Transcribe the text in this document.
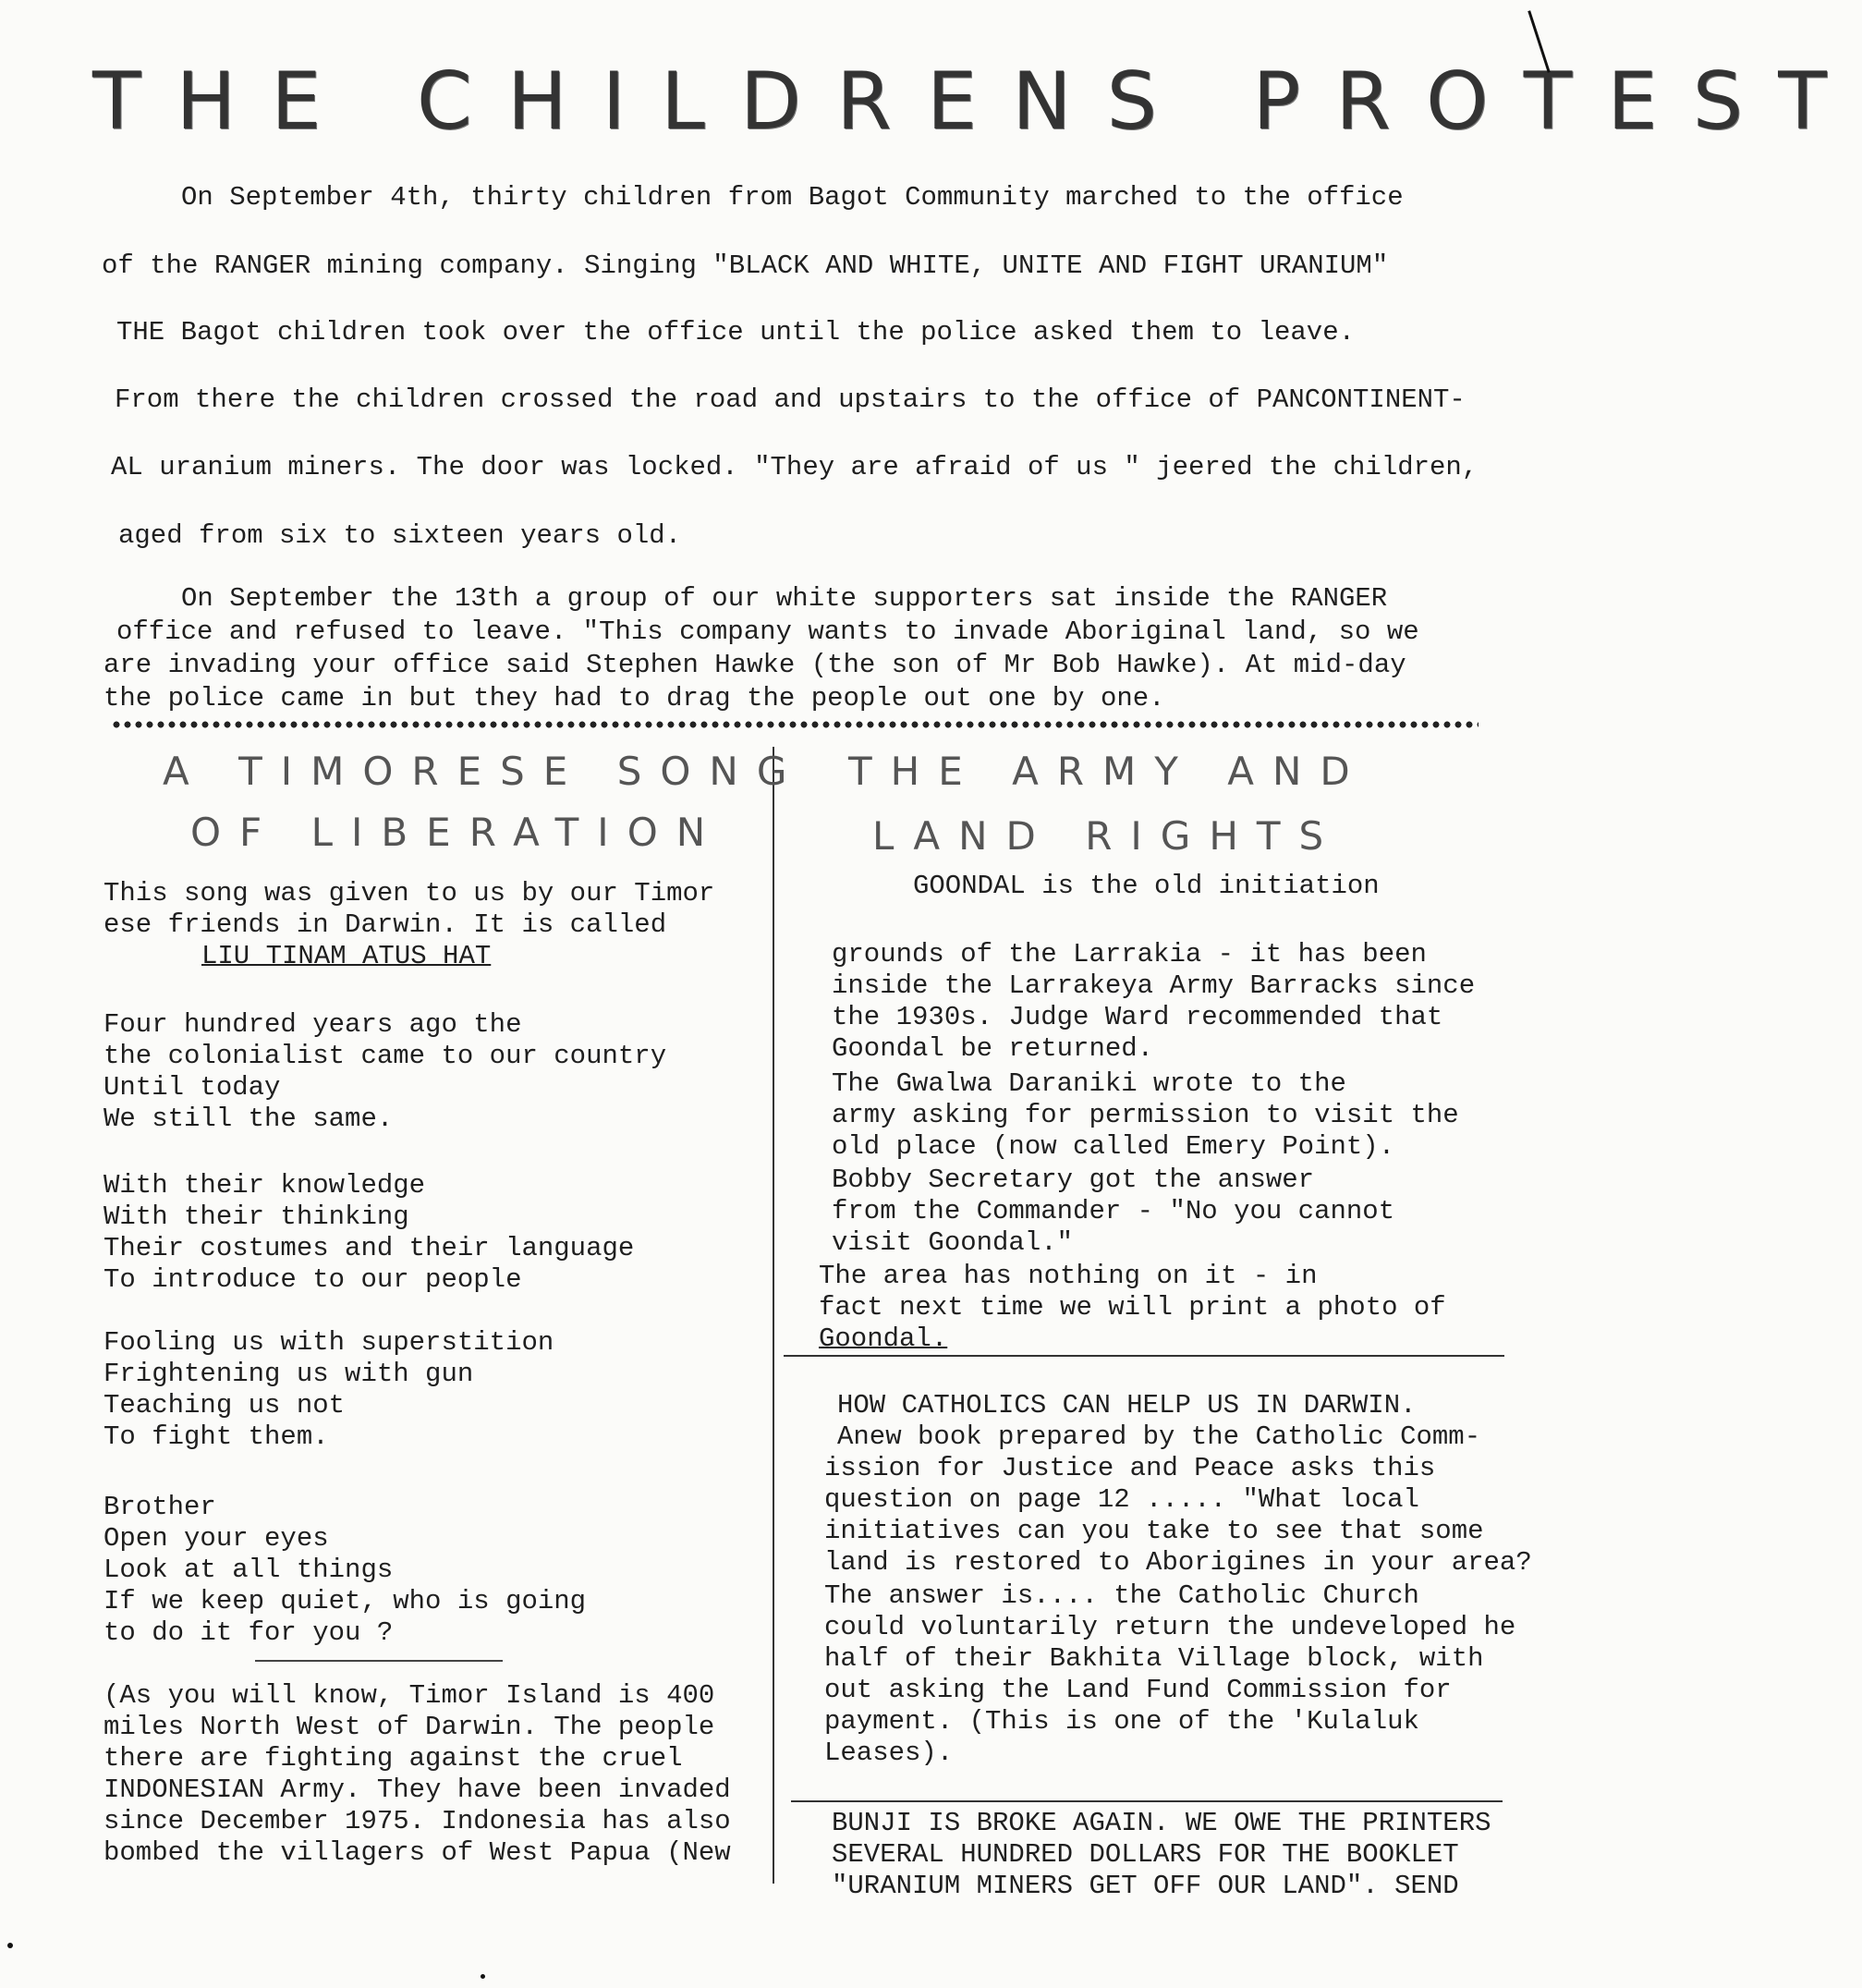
THE CHILDRENS PROTEST
On September 4th, thirty children from Bagot Community marched to the office
of the RANGER mining company. Singing "BLACK AND WHITE, UNITE AND FIGHT URANIUM"
THE Bagot children took over the office until the police asked them to leave.
From there the children crossed the road and upstairs to the office of PANCONTINENT-
AL uranium miners. The door was locked. "They are afraid of us " jeered the children,
aged from six to sixteen years old.
On September the 13th a group of our white supporters sat inside the RANGER
office and refused to leave. "This company wants to invade Aboriginal land, so we
are invading your office said Stephen Hawke (the son of Mr Bob Hawke). At mid-day
the police came in but they had to drag the people out one by one.
A TIMORESE SONG
OF LIBERATION
This song was given to us by our Timor
ese friends in Darwin. It is called
LIU TINAM ATUS HAT
Four hundred years ago the
the colonialist came to our country
Until today
We still the same.
With their knowledge
With their thinking
Their costumes and their language
To introduce to our people
Fooling us with superstition
Frightening us with gun
Teaching us not
To fight them.
Brother
Open your eyes
Look at all things
If we keep quiet, who is going
to do it for you ?
(As you will know, Timor Island is 400
miles North West of Darwin. The people
there are fighting against the cruel
INDONESIAN Army. They have been invaded
since December 1975. Indonesia has also
bombed the villagers of West Papua (New
THE ARMY AND
LAND RIGHTS
GOONDAL is the old initiation
grounds of the Larrakia - it has been
inside the Larrakeya Army Barracks since
the 1930s. Judge Ward recommended that
Goondal be returned.
The Gwalwa Daraniki wrote to the
army asking for permission to visit the
old place (now called Emery Point).
Bobby Secretary got the answer
from the Commander - "No you cannot
visit Goondal."
The area has nothing on it - in
fact next time we will print a photo of
Goondal.
HOW CATHOLICS CAN HELP US IN DARWIN.
Anew book prepared by the Catholic Comm-
ission for Justice and Peace asks this
question on page 12 ..... "What local
initiatives can you take to see that some
land is restored to Aborigines in your area?
The answer is.... the Catholic Church
could voluntarily return the undeveloped he
half of their Bakhita Village block, with
out asking the Land Fund Commission for
payment. (This is one of the 'Kulaluk
Leases).
BUNJI IS BROKE AGAIN. WE OWE THE PRINTERS
SEVERAL HUNDRED DOLLARS FOR THE BOOKLET
"URANIUM MINERS GET OFF OUR LAND". SEND
